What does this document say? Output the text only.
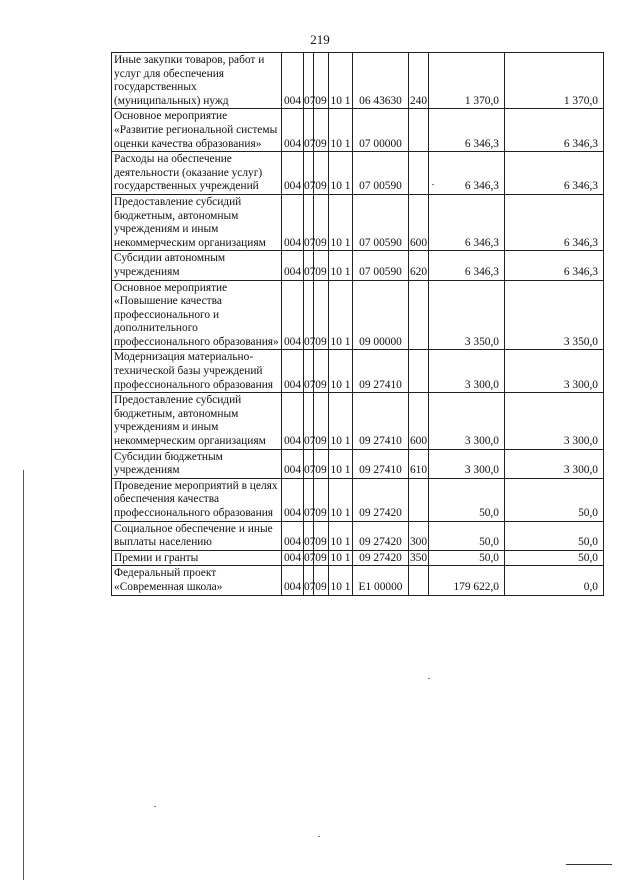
219
Иные закупки товаров, работ и услуг для обеспечения государственных (муниципальных) нужд	004	07	09	10 1	06 43630	240	1 370,0	1 370,0
Основное мероприятие «Развитие региональной системы оценки качества образования»	004	07	09	10 1	07 00000		6 346,3	6 346,3
Расходы на обеспечение деятельности (оказание услуг) государственных учреждений	004	07	09	10 1	07 00590		6 346,3	6 346,3
Предоставление субсидий бюджетным, автономным учреждениям и иным некоммерческим организациям	004	07	09	10 1	07 00590	600	6 346,3	6 346,3
Субсидии автономным учреждениям	004	07	09	10 1	07 00590	620	6 346,3	6 346,3
Основное мероприятие «Повышение качества профессионального и дополнительного профессионального образования»	004	07	09	10 1	09 00000		3 350,0	3 350,0
Модернизация материально-технической базы учреждений профессионального образования	004	07	09	10 1	09 27410		3 300,0	3 300,0
Предоставление субсидий бюджетным, автономным учреждениям и иным некоммерческим организациям	004	07	09	10 1	09 27410	600	3 300,0	3 300,0
Субсидии бюджетным учреждениям	004	07	09	10 1	09 27410	610	3 300,0	3 300,0
Проведение мероприятий в целях обеспечения качества профессионального образования	004	07	09	10 1	09 27420		50,0	50,0
Социальное обеспечение и иные выплаты населению	004	07	09	10 1	09 27420	300	50,0	50,0
Премии и гранты	004	07	09	10 1	09 27420	350	50,0	50,0
Федеральный проект «Современная школа»	004	07	09	10 1	E1 00000		179 622,0	0,0
